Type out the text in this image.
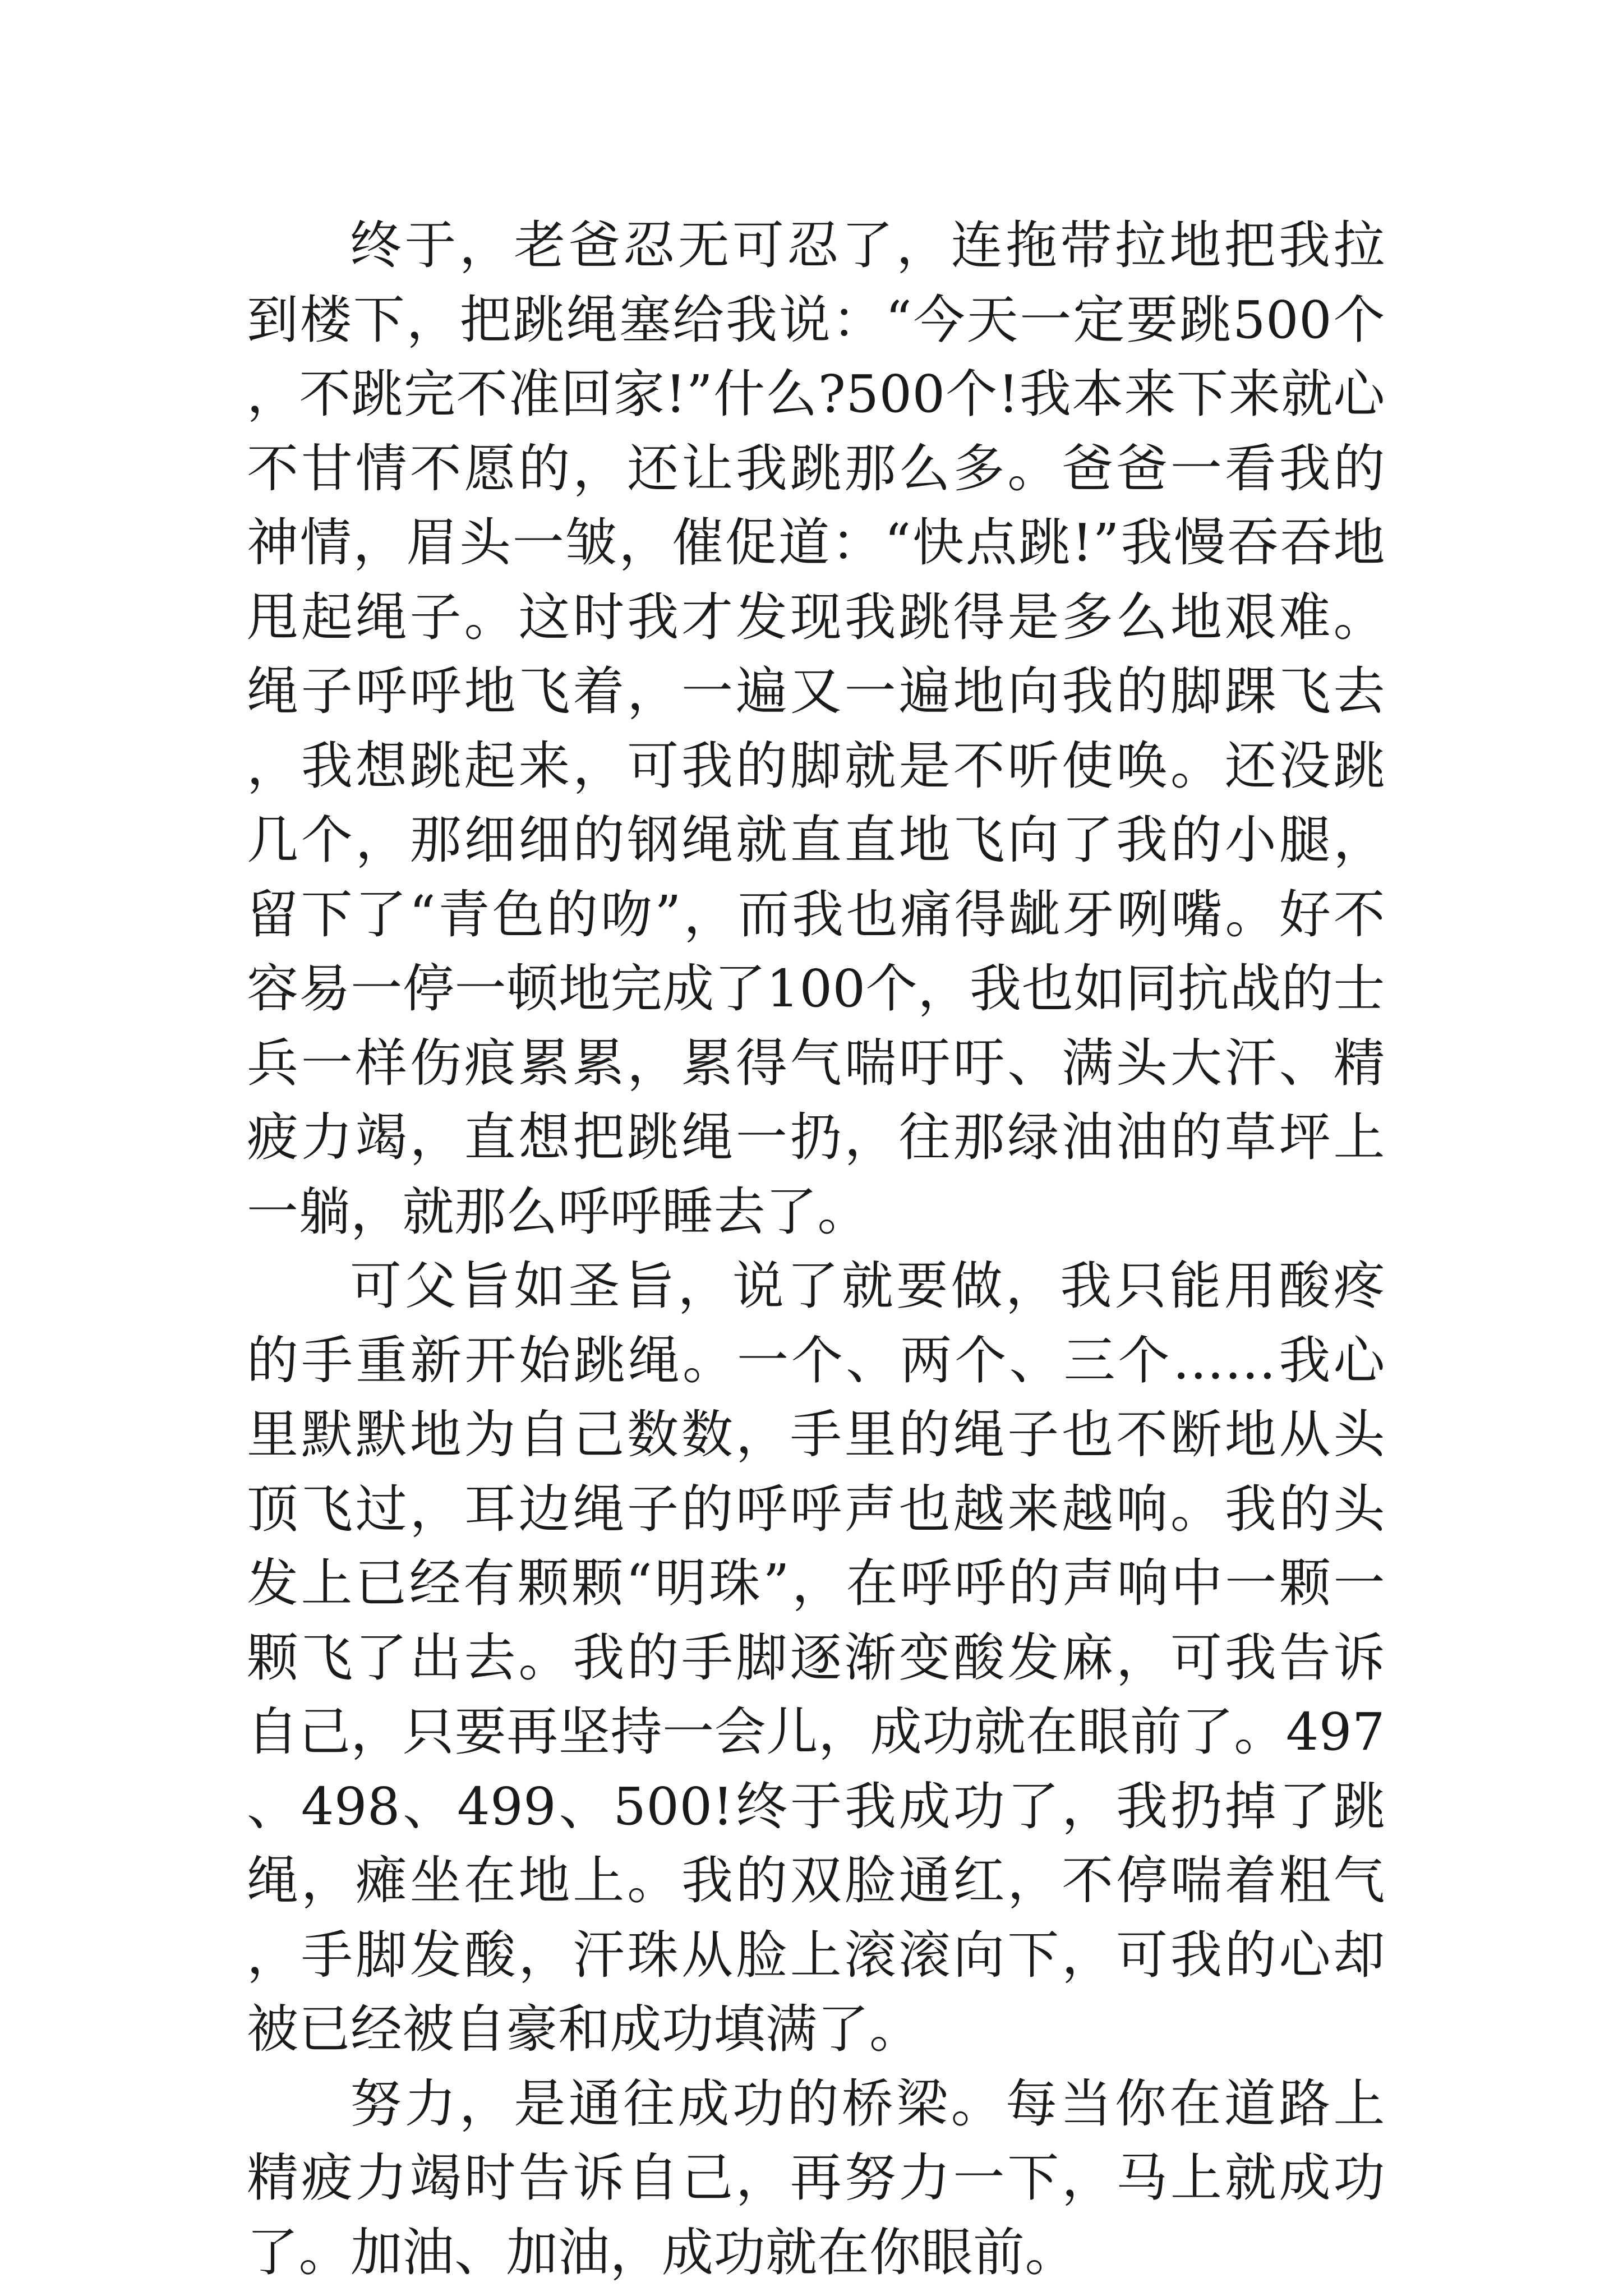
终于，老爸忍无可忍了，连拖带拉地把我拉到楼下，把跳绳塞给我说：“今天一定要跳500个，不跳完不准回家!”什么?500个!我本来下来就心不甘情不愿的，还让我跳那么多。爸爸一看我的神情，眉头一皱，催促道：“快点跳!”我慢吞吞地甩起绳子。这时我才发现我跳得是多么地艰难。绳子呼呼地飞着，一遍又一遍地向我的脚踝飞去，我想跳起来，可我的脚就是不听使唤。还没跳几个，那细细的钢绳就直直地飞向了我的小腿，留下了“青色的吻”，而我也痛得龇牙咧嘴。好不容易一停一顿地完成了100个，我也如同抗战的士兵一样伤痕累累，累得气喘吁吁、满头大汗、精疲力竭，直想把跳绳一扔，往那绿油油的草坪上一躺，就那么呼呼睡去了。

可父旨如圣旨，说了就要做，我只能用酸疼的手重新开始跳绳。一个、两个、三个……我心里默默地为自己数数，手里的绳子也不断地从头顶飞过，耳边绳子的呼呼声也越来越响。我的头发上已经有颗颗“明珠”，在呼呼的声响中一颗一颗飞了出去。我的手脚逐渐变酸发麻，可我告诉自己，只要再坚持一会儿，成功就在眼前了。497、498、499、500!终于我成功了，我扔掉了跳绳，瘫坐在地上。我的双脸通红，不停喘着粗气，手脚发酸，汗珠从脸上滚滚向下，可我的心却被已经被自豪和成功填满了。

努力，是通往成功的桥梁。每当你在道路上精疲力竭时告诉自己，再努力一下，马上就成功了。加油、加油，成功就在你眼前。
